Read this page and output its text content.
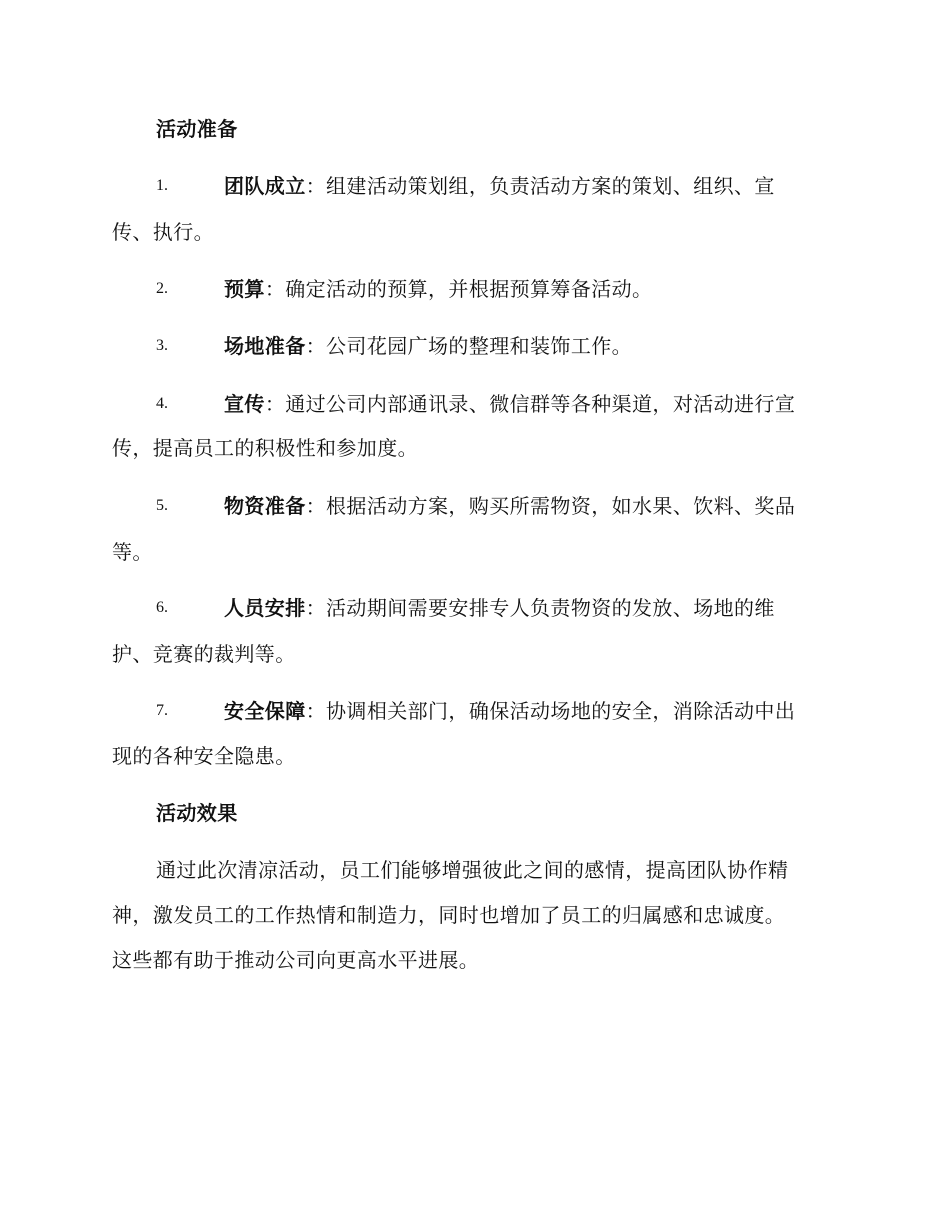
活动准备
1.	团队成立：组建活动策划组，负责活动方案的策划、组织、宣
传、执行。
2.	预算：确定活动的预算，并根据预算筹备活动。
3.	场地准备：公司花园广场的整理和装饰工作。
4.	宣传：通过公司内部通讯录、微信群等各种渠道，对活动进行宣
传，提高员工的积极性和参加度。
5.	物资准备：根据活动方案，购买所需物资，如水果、饮料、奖品
等。
6.	人员安排：活动期间需要安排专人负责物资的发放、场地的维
护、竞赛的裁判等。
7.	安全保障：协调相关部门，确保活动场地的安全，消除活动中出
现的各种安全隐患。
活动效果
通过此次清凉活动，员工们能够增强彼此之间的感情，提高团队协作精
神，激发员工的工作热情和制造力，同时也增加了员工的归属感和忠诚度。
这些都有助于推动公司向更高水平进展。
